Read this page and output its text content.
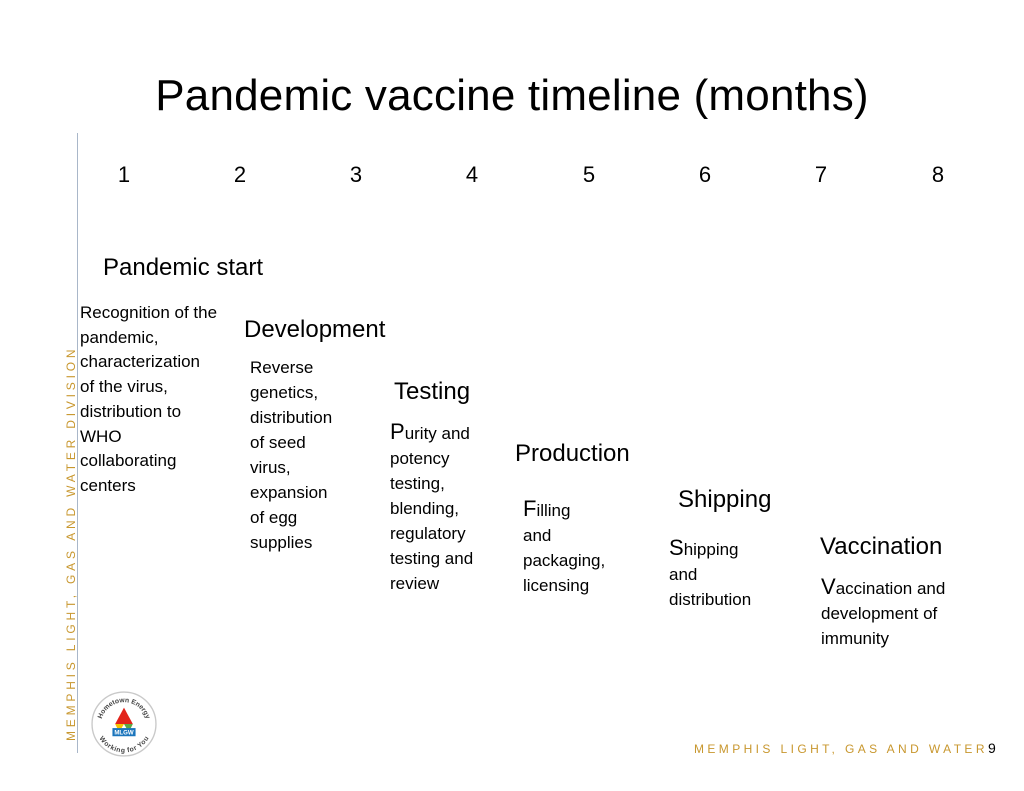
Pandemic vaccine timeline (months)
MEMPHIS LIGHT, GAS AND WATER DIVISION
1	2	3	4	5	6	7	8
Pandemic start
Recognition of the
pandemic,
characterization
of the virus,
distribution to
WHO
collaborating
centers
Development
Reverse
genetics,
distribution
of seed
virus,
expansion
of egg
supplies
Testing
Purity and
potency
testing,
blending,
regulatory
testing and
review
Production
Filling
and
packaging,
licensing
Shipping
Shipping
and
distribution
Vaccination
Vaccination and
development of
immunity
Hometown Energy
Working for You
MLGW
MEMPHIS LIGHT, GAS AND WATER 9
